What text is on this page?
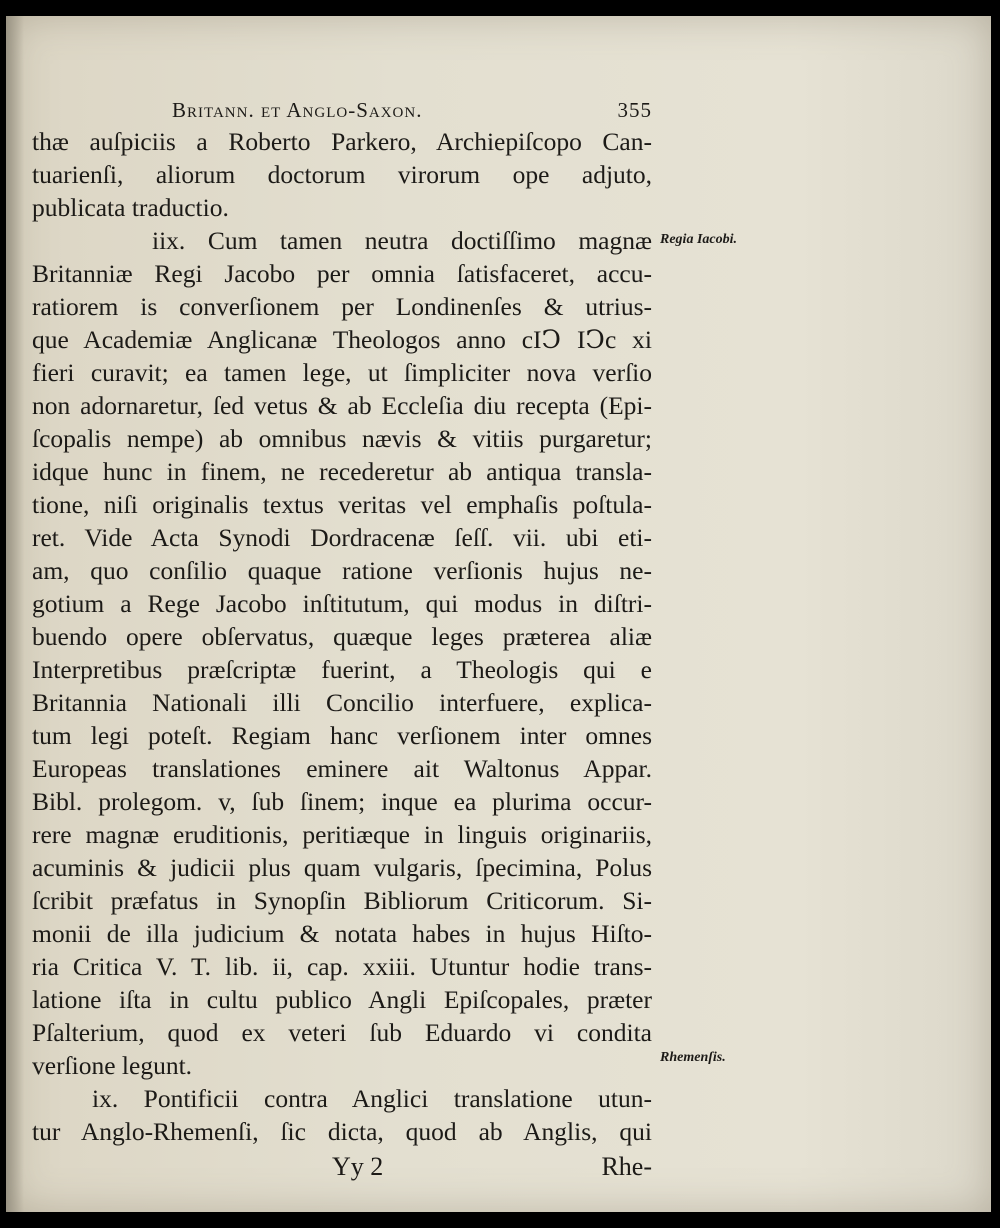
Britann. et Anglo-Saxon.	355
thæ auſpiciis a Roberto Parkero, Archiepiſcopo Can-
tuarienſi, aliorum doctorum virorum ope adjuto,
publicata traductio.
iix. Cum tamen neutra doctiſſimo magnæ
Britanniæ Regi Jacobo per omnia ſatisfaceret, accu-
ratiorem is converſionem per Londinenſes & utrius-
que Academiæ Anglicanæ Theologos anno cIↃ IↃc xi
fieri curavit; ea tamen lege, ut ſimpliciter nova verſio
non adornaretur, ſed vetus & ab Eccleſia diu recepta (Epi-
ſcopalis nempe) ab omnibus nævis & vitiis purgaretur;
idque hunc in finem, ne recederetur ab antiqua transla-
tione, niſi originalis textus veritas vel emphaſis poſtula-
ret. Vide Acta Synodi Dordracenæ ſeſſ. vii. ubi eti-
am, quo conſilio quaque ratione verſionis hujus ne-
gotium a Rege Jacobo inſtitutum, qui modus in diſtri-
buendo opere obſervatus, quæque leges præterea aliæ
Interpretibus præſcriptæ fuerint, a Theologis qui e
Britannia Nationali illi Concilio interfuere, explica-
tum legi poteſt. Regiam hanc verſionem inter omnes
Europeas translationes eminere ait Waltonus Appar.
Bibl. prolegom. v, ſub ſinem; inque ea plurima occur-
rere magnæ eruditionis, peritiæque in linguis originariis,
acuminis & judicii plus quam vulgaris, ſpecimina, Polus
ſcribit præfatus in Synopſin Bibliorum Criticorum. Si-
monii de illa judicium & notata habes in hujus Hiſto-
ria Critica V. T. lib. ii, cap. xxiii. Utuntur hodie trans-
latione iſta in cultu publico Angli Epiſcopales, præter
Pſalterium, quod ex veteri ſub Eduardo vi condita
verſione legunt.
ix. Pontificii contra Anglici translatione utun-
tur Anglo-Rhemenſi, ſic dicta, quod ab Anglis, qui
Regia Iacobi.
Rhemenſis.
Yy 2	Rhe-
